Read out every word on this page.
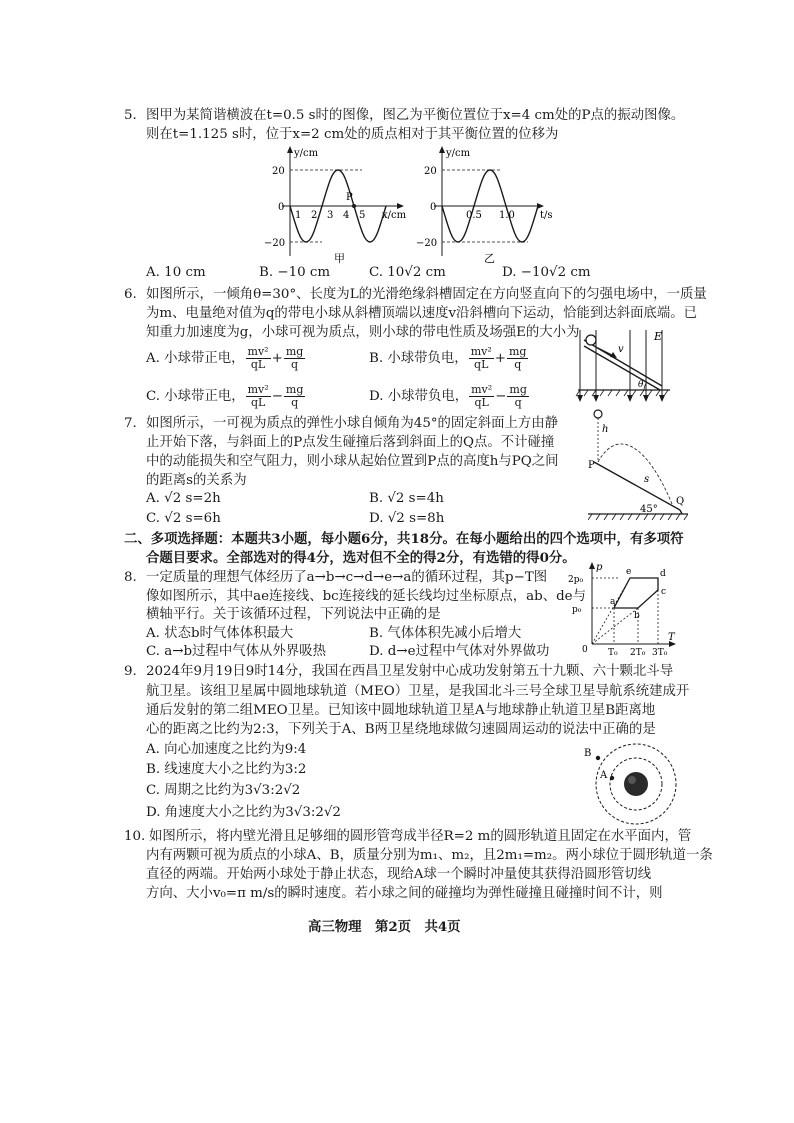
5. 图甲为某简谐横波在t=0.5 s时的图像，图乙为平衡位置位于x=4 cm处的P点的振动图像。
则在t=1.125 s时，位于x=2 cm处的质点相对于其平衡位置的位移为
y/cm
x/cm
20
−20
0
1 2 3 4 5
P
甲
y/cm
t/s
20
−20
0
0.5 1.0
乙
A. 10 cm	B. −10 cm	C. 10√2 cm	D. −10√2 cm
6. 如图所示，一倾角θ=30°、长度为L的光滑绝缘斜槽固定在方向竖直向下的匀强电场中，一质量
为m、电量绝对值为q的带电小球从斜槽顶端以速度v沿斜槽向下运动，恰能到达斜面底端。已
知重力加速度为g，小球可视为质点，则小球的带电性质及场强E的大小为
A. 小球带正电， $\frac{\text{mv²}}{qL} + \frac{mg}{q}$	B. 小球带负电， $\frac{\text{mv²}}{qL} + \frac{mg}{q}$
C. 小球带正电， $\frac{\text{mv²}}{qL} - \frac{mg}{q}$	D. 小球带负电， $\frac{\text{mv²}}{qL} - \frac{mg}{q}$
E
v
θ
7. 如图所示，一可视为质点的弹性小球自倾角为45°的固定斜面上方由静
止开始下落，与斜面上的P点发生碰撞后落到斜面上的Q点。不计碰撞
中的动能损失和空气阻力，则小球从起始位置到P点的高度h与PQ之间
的距离s的关系为
A. √2 s=2h	B. √2 s=4h
C. √2 s=6h	D. √2 s=8h
h
P
s
Q
45°
二、多项选择题：本题共3小题，每小题6分，共18分。在每小题给出的四个选项中，有多项符
合题目要求。全部选对的得4分，选对但不全的得2分，有选错的得0分。
8. 一定质量的理想气体经历了a→b→c→d→e→a的循环过程，其p−T图
像如图所示，其中ae连接线、bc连接线的延长线均过坐标原点，ab、de与
横轴平行。关于该循环过程，下列说法中正确的是
A. 状态b时气体体积最大	B. 气体体积先减小后增大
C. a→b过程中气体从外界吸热	D. d→e过程中气体对外界做功
p
T
0
2p₀
p₀
T₀ 2T₀ 3T₀
a
b
c
d
e
9. 2024年9月19日9时14分，我国在西昌卫星发射中心成功发射第五十九颗、六十颗北斗导
航卫星。该组卫星属中圆地球轨道（MEO）卫星，是我国北斗三号全球卫星导航系统建成开
通后发射的第二组MEO卫星。已知该中圆地球轨道卫星A与地球静止轨道卫星B距离地
心的距离之比约为2:3，下列关于A、B两卫星绕地球做匀速圆周运动的说法中正确的是
A. 向心加速度之比约为9:4
B. 线速度大小之比约为3:2
C. 周期之比约为3√3:2√2
D. 角速度大小之比约为3√3:2√2
B
A
10. 如图所示，将内壁光滑且足够细的圆形管弯成半径R=2 m的圆形轨道且固定在水平面内，管
内有两颗可视为质点的小球A、B，质量分别为m₁、m₂，且2m₁=m₂。两小球位于圆形轨道一条
直径的两端。开始两小球处于静止状态，现给A球一个瞬时冲量使其获得沿圆形管切线
方向、大小v₀=π m/s的瞬时速度。若小球之间的碰撞均为弹性碰撞且碰撞时间不计，则
高三物理　第2页　共4页
